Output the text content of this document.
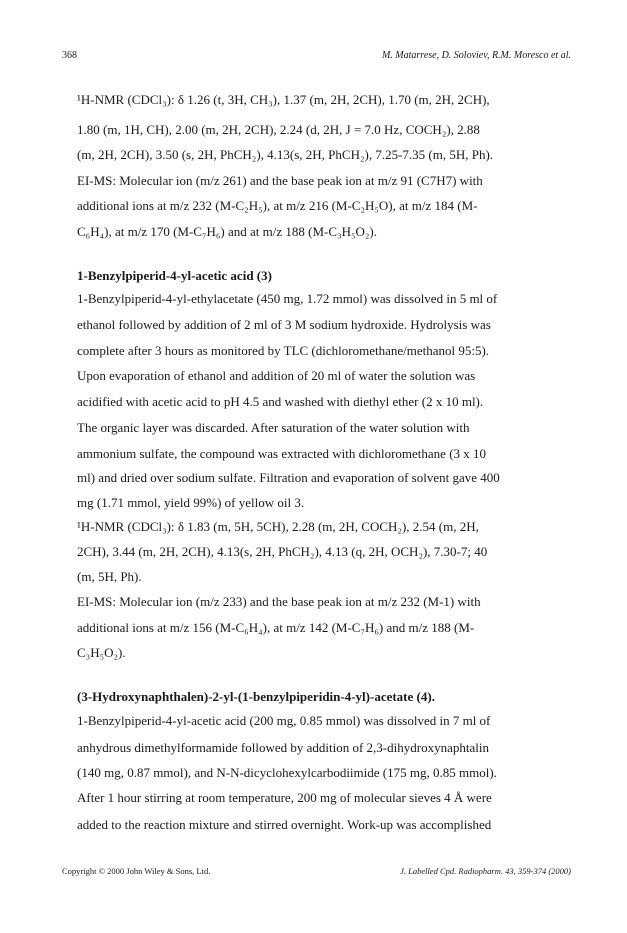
368	M. Matarrese, D. Soloviev, R.M. Moresco et al.
¹H-NMR (CDCl₃): δ 1.26 (t, 3H, CH₃), 1.37 (m, 2H, 2CH), 1.70 (m, 2H, 2CH),
1.80 (m, 1H, CH), 2.00 (m, 2H, 2CH), 2.24 (d, 2H, J = 7.0 Hz, COCH₂), 2.88
(m, 2H, 2CH), 3.50 (s, 2H, PhCH₂), 4.13(s, 2H, PhCH₂), 7.25-7.35 (m, 5H, Ph).
EI-MS: Molecular ion (m/z 261) and the base peak ion at m/z 91 (C7H7) with
additional ions at m/z 232 (M-C₂H₅), at m/z 216 (M-C₂H₅O), at m/z 184 (M-
C₆H₄), at m/z 170 (M-C₇H₆) and at m/z 188 (M-C₃H₅O₂).
1-Benzylpiperid-4-yl-acetic acid (3)
1-Benzylpiperid-4-yl-ethylacetate (450 mg, 1.72 mmol) was dissolved in 5 ml of
ethanol followed by addition of 2 ml of 3 M sodium hydroxide. Hydrolysis was
complete after 3 hours as monitored by TLC (dichloromethane/methanol 95:5).
Upon evaporation of ethanol and addition of 20 ml of water the solution was
acidified with acetic acid to pH 4.5 and washed with diethyl ether (2 x 10 ml).
The organic layer was discarded. After saturation of the water solution with
ammonium sulfate, the compound was extracted with dichloromethane (3 x 10
ml) and dried over sodium sulfate. Filtration and evaporation of solvent gave 400
mg (1.71 mmol, yield 99%) of yellow oil 3.
¹H-NMR (CDCl₃): δ 1.83 (m, 5H, 5CH), 2.28 (m, 2H, COCH₂), 2.54 (m, 2H,
2CH), 3.44 (m, 2H, 2CH), 4.13(s, 2H, PhCH₂), 4.13 (q, 2H, OCH₂), 7.30-7; 40
(m, 5H, Ph).
EI-MS: Molecular ion (m/z 233) and the base peak ion at m/z 232 (M-1) with
additional ions at m/z 156 (M-C₆H₄), at m/z 142 (M-C₇H₆) and m/z 188 (M-
C₃H₅O₂).
(3-Hydroxynaphthalen)-2-yl-(1-benzylpiperidin-4-yl)-acetate (4).
1-Benzylpiperid-4-yl-acetic acid (200 mg, 0.85 mmol) was dissolved in 7 ml of
anhydrous dimethylformamide followed by addition of 2,3-dihydroxynaphtalin
(140 mg, 0.87 mmol), and N-N-dicyclohexylcarbodiimide (175 mg, 0.85 mmol).
After 1 hour stirring at room temperature, 200 mg of molecular sieves 4 Å were
added to the reaction mixture and stirred overnight. Work-up was accomplished
Copyright © 2000 John Wiley & Sons, Ltd.	J. Labelled Cpd. Radiopharm. 43, 359-374 (2000)
